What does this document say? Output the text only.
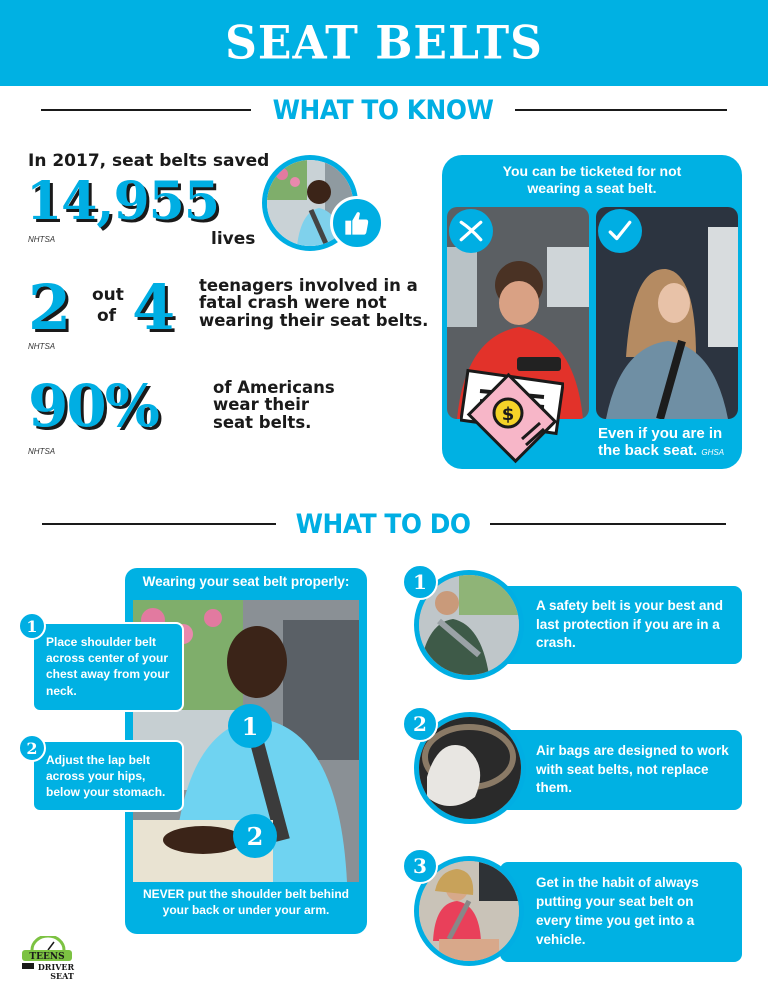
SEAT BELTS
WHAT TO KNOW
In 2017, seat belts saved
14,955
NHTSA	lives
2 out
of 4
NHTSA
teenagers involved in a
fatal crash were not
wearing their seat belts.
90%
NHTSA
of Americans
wear their
seat belts.
You can be ticketed for not
wearing a seat belt.
$
Even if you are in
the back seat. GHSA
WHAT TO DO
Wearing your seat belt properly:
1
2
NEVER put the shoulder belt behind
your back or under your arm.
Place shoulder belt across center of your chest away from your neck.
1
Adjust the lap belt across your hips, below your stomach.
2
A safety belt is your best and last protection if you are in a crash.
1
Air bags are designed to work with seat belts, not replace them.
2
Get in the habit of always putting your seat belt on every time you get into a vehicle.
3
TEENS
DRIVER
SEAT
